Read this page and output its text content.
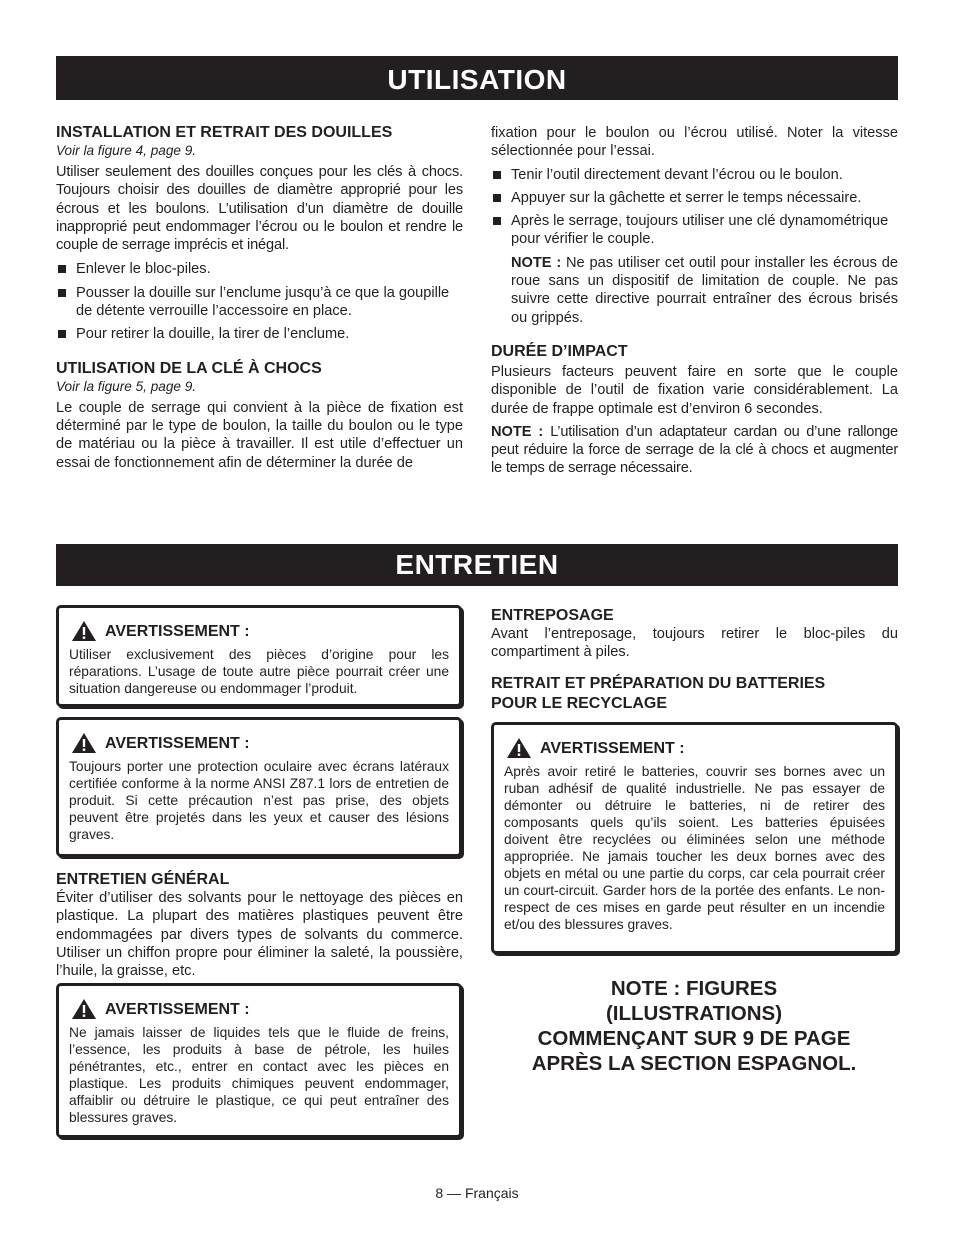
UTILISATION

INSTALLATION ET RETRAIT DES DOUILLES

Voir la figure 4, page 9.

Utiliser seulement des douilles conçues pour les clés à chocs. Toujours choisir des douilles de diamètre approprié pour les écrous et les boulons. L’utilisation d’un diamètre de douille inapproprié peut endommager l’écrou ou le boulon et rendre le couple de serrage imprécis et inégal.

Enlever le bloc-piles.
Pousser la douille sur l’enclume jusqu’à ce que la goupille de détente verrouille l’accessoire en place.
Pour retirer la douille, la tirer de l’enclume.

UTILISATION DE LA CLÉ À CHOCS

Voir la figure 5, page 9.

Le couple de serrage qui convient à la pièce de fixation est déterminé par le type de boulon, la taille du boulon ou le type de matériau ou la pièce à travailler. Il est utile d’effectuer un essai de fonctionnement afin de déterminer la durée de

fixation pour le boulon ou l’écrou utilisé. Noter la vitesse sélectionnée pour l’essai.

Tenir l’outil directement devant l’écrou ou le boulon.
Appuyer sur la gâchette et serrer le temps nécessaire.
Après le serrage, toujours utiliser une clé dynamométrique pour vérifier le couple.

NOTE : Ne pas utiliser cet outil pour installer les écrous de roue sans un dispositif de limitation de couple. Ne pas suivre cette directive pourrait entraîner des écrous brisés ou grippés.

DURÉE D’IMPACT

Plusieurs facteurs peuvent faire en sorte que le couple disponible de l’outil de fixation varie considérablement. La durée de frappe optimale est d’environ 6 secondes.

NOTE : L’utilisation d’un adaptateur cardan ou d’une rallonge peut réduire la force de serrage de la clé à chocs et augmenter le temps de serrage nécessaire.

ENTRETIEN
AVERTISSEMENT :

Utiliser exclusivement des pièces d’origine pour les réparations. L’usage de toute autre pièce pourrait créer une situation dangereuse ou endommager l’produit.

AVERTISSEMENT :

Toujours porter une protection oculaire avec écrans latéraux certifiée conforme à la norme ANSI Z87.1 lors de entretien de produit. Si cette précaution n’est pas prise, des objets peuvent être projetés dans les yeux et causer des lésions graves.

ENTRETIEN GÉNÉRAL

Éviter d’utiliser des solvants pour le nettoyage des pièces en plastique. La plupart des matières plastiques peuvent être endommagées par divers types de solvants du commerce. Utiliser un chiffon propre pour éliminer la saleté, la poussière, l’huile, la graisse, etc.

AVERTISSEMENT :

Ne jamais laisser de liquides tels que le fluide de freins, l’essence, les produits à base de pétrole, les huiles pénétrantes, etc., entrer en contact avec les pièces en plastique. Les produits chimiques peuvent endommager, affaiblir ou détruire le plastique, ce qui peut entraîner des blessures graves.

ENTREPOSAGE

Avant l’entreposage, toujours retirer le bloc-piles du compartiment à piles.

RETRAIT ET PRÉPARATION DU BATTERIES
POUR LE RECYCLAGE

AVERTISSEMENT :

Après avoir retiré le batteries, couvrir ses bornes avec un ruban adhésif de qualité industrielle. Ne pas essayer de démonter ou détruire le batteries, ni de retirer des composants quels qu’ils soient. Les batteries épuisées doivent être recyclées ou éliminées selon une méthode appropriée. Ne jamais toucher les deux bornes avec des objets en métal ou une partie du corps, car cela pourrait créer un court-circuit. Garder hors de la portée des enfants. Le non-respect de ces mises en garde peut résulter en un incendie et/ou des blessures graves.

NOTE : FIGURES
(ILLUSTRATIONS)
COMMENÇANT SUR 9 DE PAGE
APRÈS LA SECTION ESPAGNOL.
8 — Français
